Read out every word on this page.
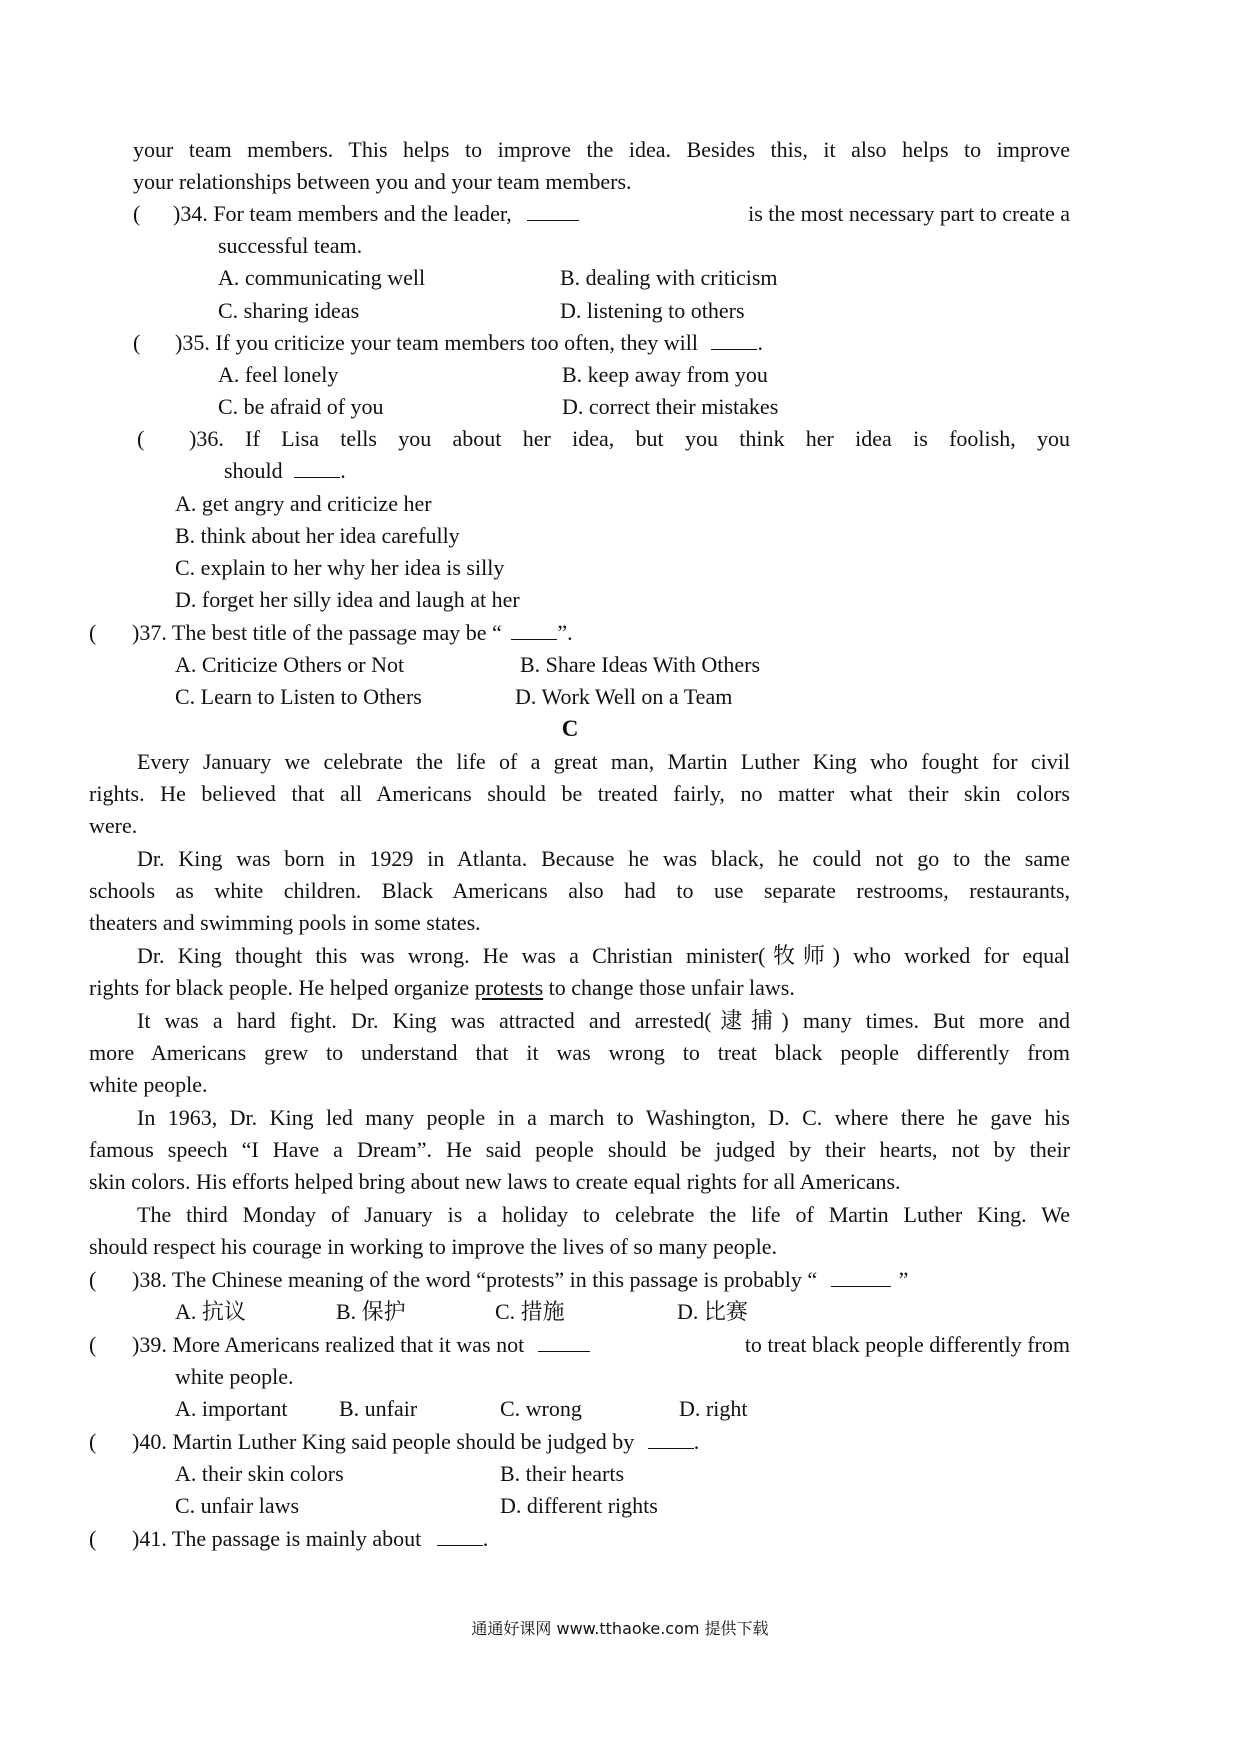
your team members. This helps to improve the idea. Besides this, it also helps to improve
your relationships between you and your team members.
( )34. For team members and the leader,	is the most necessary part to create a
successful team.
A. communicating well	B. dealing with criticism
C. sharing ideas	D. listening to others
( )35. If you criticize your team members too often, they will	.
A. feel lonely	B. keep away from you
C. be afraid of you	D. correct their mistakes
( )36. If Lisa tells you about her idea, but you think her idea is foolish, you
should	.
A. get angry and criticize her
B. think about her idea carefully
C. explain to her why her idea is silly
D. forget her silly idea and laugh at her
( )37. The best title of the passage may be “	”.
A. Criticize Others or Not	B. Share Ideas With Others
C. Learn to Listen to Others	D. Work Well on a Team
C
Every January we celebrate the life of a great man, Martin Luther King who fought for civil
rights. He believed that all Americans should be treated fairly, no matter what their skin colors
were.
Dr. King was born in 1929 in Atlanta. Because he was black, he could not go to the same
schools as white children. Black Americans also had to use separate restrooms, restaurants,
theaters and swimming pools in some states.
Dr. King thought this was wrong. He was a Christian minister(牧师) who worked for equal
rights for black people. He helped organize protests to change those unfair laws.
It was a hard fight. Dr. King was attracted and arrested(逮捕) many times. But more and
more Americans grew to understand that it was wrong to treat black people differently from
white people.
In 1963, Dr. King led many people in a march to Washington, D. C. where there he gave his
famous speech “I Have a Dream”. He said people should be judged by their hearts, not by their
skin colors. His efforts helped bring about new laws to create equal rights for all Americans.
The third Monday of January is a holiday to celebrate the life of Martin Luther King. We
should respect his courage in working to improve the lives of so many people.
( )38. The Chinese meaning of the word “protests” in this passage is probably “	”
A. 抗议	B. 保护	C. 措施	D. 比赛
( )39. More Americans realized that it was not	to treat black people differently from
white people.
A. important B. unfair	C. wrong	D. right
( )40. Martin Luther King said people should be judged by	.
A. their skin colors	B. their hearts
C. unfair laws	D. different rights
( )41. The passage is mainly about	.
通通好课网 www.tthaoke.com 提供下载
